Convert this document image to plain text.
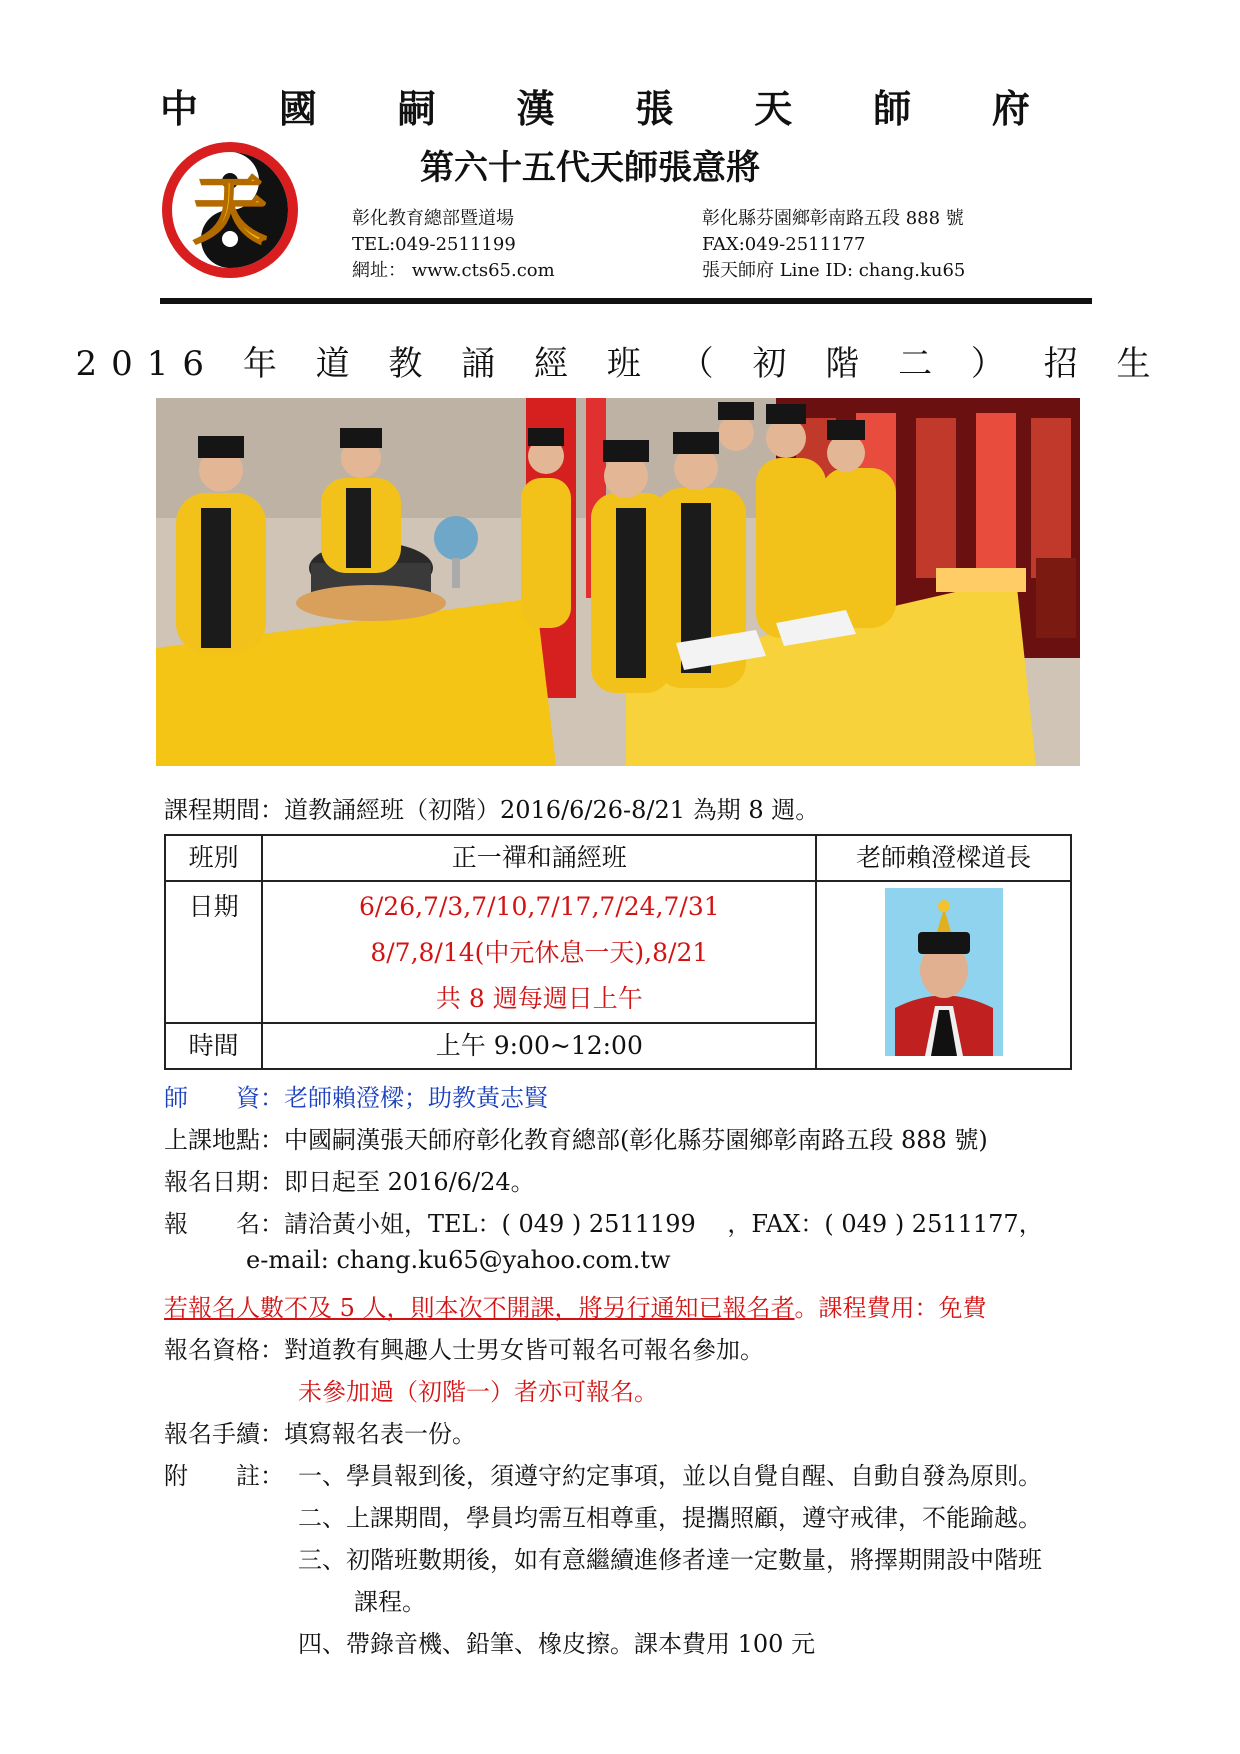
中 國 嗣 漢 張 天 師 府
天	第六十五代天師張意將
彰化教育總部暨道場
TEL:049-2511199
網址： www.cts65.com
彰化縣芬園鄉彰南路五段 888 號
FAX:049-2511177
張天師府 Line ID: chang.ku65
2016 年 道 教 誦 經 班 （ 初 階 二 ） 招 生
課程期間：道教誦經班（初階）2016/6/26-8/21 為期 8 週。
班別	正一禪和誦經班	老師賴澄樑道長
日期	6/26,7/3,7/10,7/17,7/24,7/31
8/7,8/14(中元休息一天),8/21
共 8 週每週日上午

時間	上午 9:00~12:00	
師　　資：老師賴澄樑；助教黃志賢
上課地點：中國嗣漢張天師府彰化教育總部(彰化縣芬園鄉彰南路五段 888 號)
報名日期：即日起至 2016/6/24。
報　　名：請洽黃小姐，TEL：( 049 ) 2511199 　，FAX：( 049 ) 2511177，
e-mail: chang.ku65@yahoo.com.tw
若報名人數不及 5 人，則本次不開課，將另行通知已報名者。課程費用：免費
報名資格：對道教有興趣人士男女皆可報名可報名參加。
未參加過（初階一）者亦可報名。
報名手續：填寫報名表一份。
附　　註： 一、學員報到後，須遵守約定事項，並以自覺自醒、自動自發為原則。
二、上課期間，學員均需互相尊重，提攜照顧，遵守戒律，不能踰越。
三、初階班數期後，如有意繼續進修者達一定數量，將擇期開設中階班
課程。
四、帶錄音機、鉛筆、橡皮擦。課本費用 100 元
